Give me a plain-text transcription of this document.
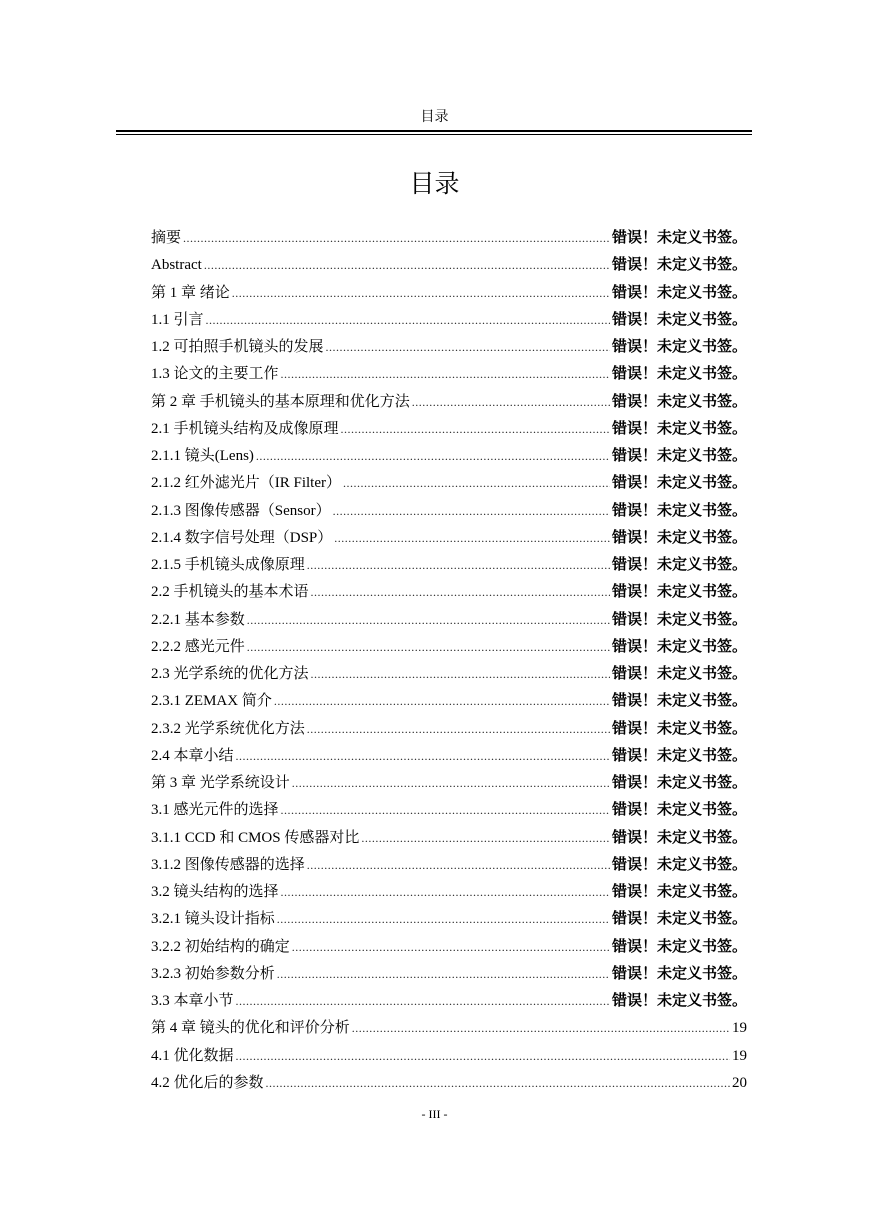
目录
目录
摘要 .....	错误！未定义书签。
Abstract .....	错误！未定义书签。
第 1 章 绪论 .....	错误！未定义书签。
1.1 引言 .....	错误！未定义书签。
1.2 可拍照手机镜头的发展 .....	错误！未定义书签。
1.3 论文的主要工作 .....	错误！未定义书签。
第 2 章 手机镜头的基本原理和优化方法 .....	错误！未定义书签。
2.1 手机镜头结构及成像原理 .....	错误！未定义书签。
2.1.1 镜头(Lens) .....	错误！未定义书签。
2.1.2 红外滤光片（IR Filter） .....	错误！未定义书签。
2.1.3 图像传感器（Sensor） .....	错误！未定义书签。
2.1.4 数字信号处理（DSP） .....	错误！未定义书签。
2.1.5 手机镜头成像原理 .....	错误！未定义书签。
2.2 手机镜头的基本术语 .....	错误！未定义书签。
2.2.1 基本参数 .....	错误！未定义书签。
2.2.2 感光元件 .....	错误！未定义书签。
2.3 光学系统的优化方法 .....	错误！未定义书签。
2.3.1 ZEMAX 简介 .....	错误！未定义书签。
2.3.2 光学系统优化方法 .....	错误！未定义书签。
2.4 本章小结 .....	错误！未定义书签。
第 3 章 光学系统设计 .....	错误！未定义书签。
3.1 感光元件的选择 .....	错误！未定义书签。
3.1.1 CCD 和 CMOS 传感器对比 .....	错误！未定义书签。
3.1.2 图像传感器的选择 .....	错误！未定义书签。
3.2 镜头结构的选择 .....	错误！未定义书签。
3.2.1 镜头设计指标 .....	错误！未定义书签。
3.2.2 初始结构的确定 .....	错误！未定义书签。
3.2.3 初始参数分析 .....	错误！未定义书签。
3.3 本章小节 .....	错误！未定义书签。
第 4 章 镜头的优化和评价分析 .....	19
4.1 优化数据 .....	19
4.2 优化后的参数 .....	20
- III -
